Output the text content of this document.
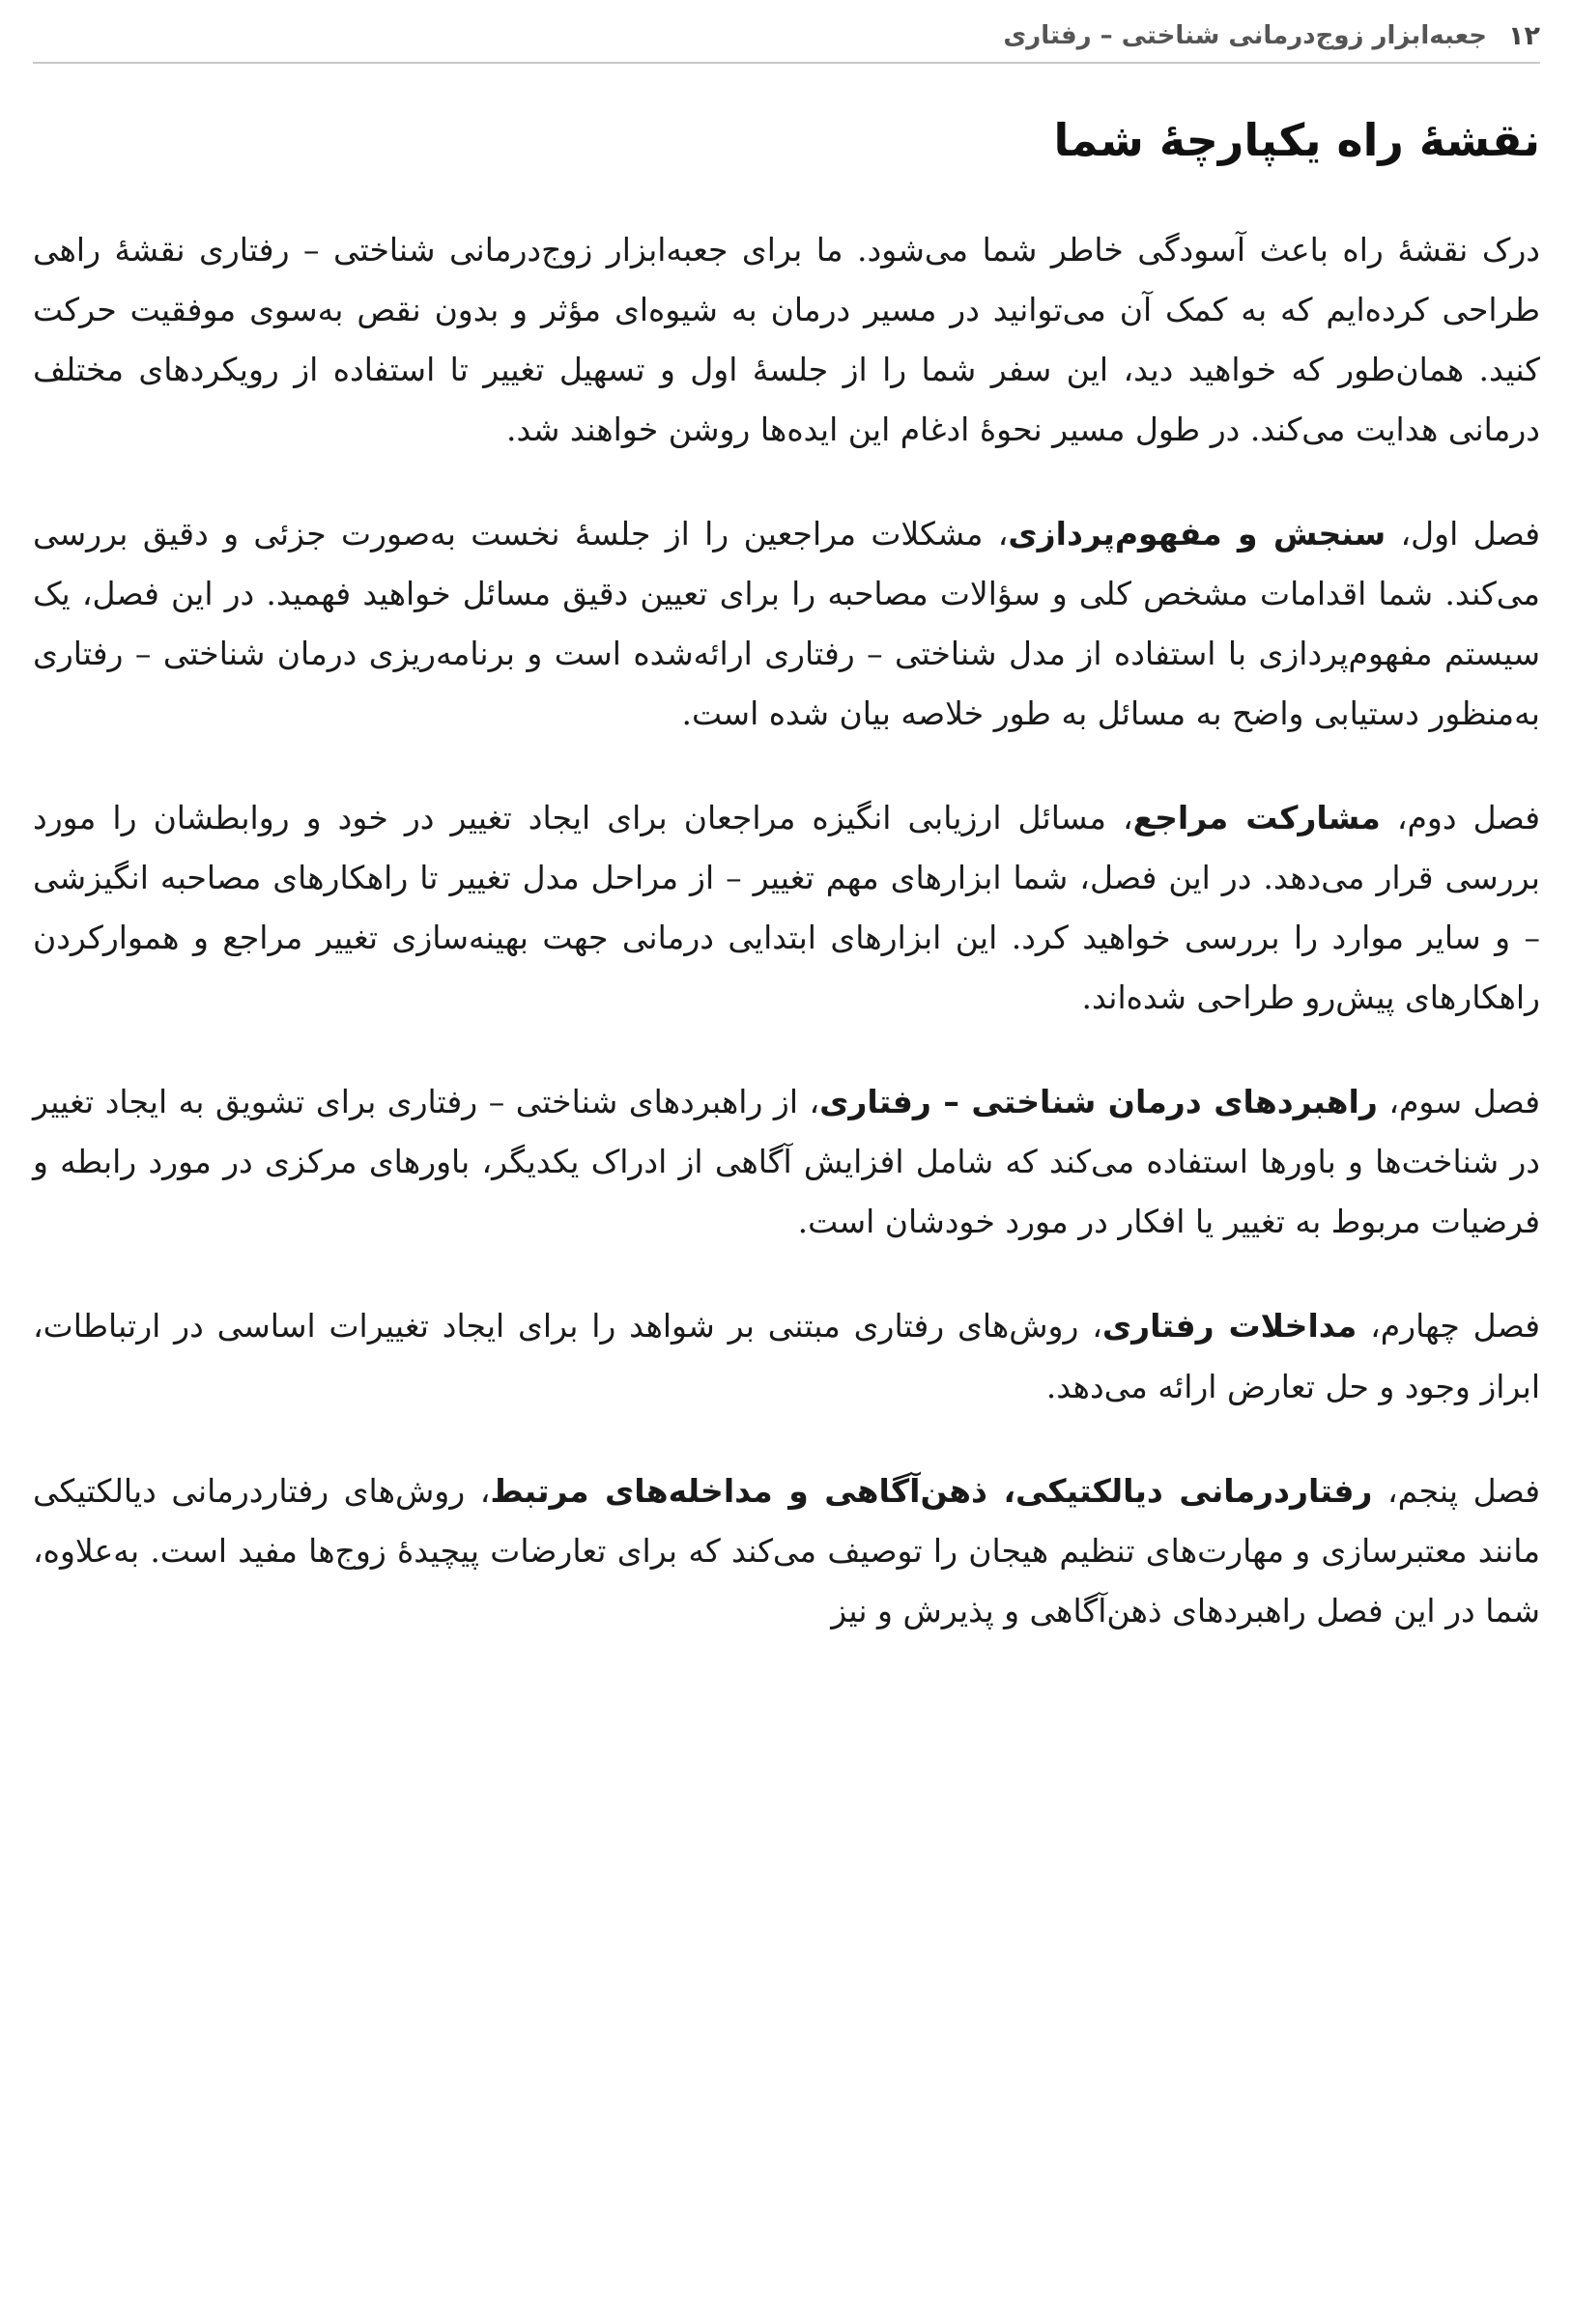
۱۲
جعبه‌ابزار زوج‌درمانی شناختی – رفتاری
نقشهٔ راه یکپارچهٔ شما

درک نقشهٔ راه باعث آسودگی خاطر شما می‌شود. ما برای جعبه‌ابزار زوج‌درمانی شناختی – رفتاری نقشهٔ راهی طراحی کرده‌ایم که به کمک آن می‌توانید در مسیر درمان به شیوه‌ای مؤثر و بدون نقص به‌سوی موفقیت حرکت کنید. همان‌طور که خواهید دید، این سفر شما را از جلسهٔ اول و تسهیل تغییر تا استفاده از رویکردهای مختلف درمانی هدایت می‌کند. در طول مسیر نحوهٔ ادغام این ایده‌ها روشن خواهند شد.

فصل اول، سنجش و مفهوم‌پردازی، مشکلات مراجعین را از جلسهٔ نخست به‌صورت جزئی و دقیق بررسی می‌کند. شما اقدامات مشخص کلی و سؤالات مصاحبه را برای تعیین دقیق مسائل خواهید فهمید. در این فصل، یک سیستم مفهوم‌پردازی با استفاده از مدل شناختی – رفتاری ارائه‌شده است و برنامه‌ریزی درمان شناختی – رفتاری به‌منظور دستیابی واضح به مسائل به طور خلاصه بیان شده است.

فصل دوم، مشارکت مراجع، مسائل ارزیابی انگیزه مراجعان برای ایجاد تغییر در خود و روابطشان را مورد بررسی قرار می‌دهد. در این فصل، شما ابزارهای مهم تغییر – از مراحل مدل تغییر تا راهکارهای مصاحبه انگیزشی – و سایر موارد را بررسی خواهید کرد. این ابزارهای ابتدایی درمانی جهت بهینه‌سازی تغییر مراجع و هموارکردن راهکارهای پیش‌رو طراحی شده‌اند.

فصل سوم، راهبردهای درمان شناختی – رفتاری، از راهبردهای شناختی – رفتاری برای تشویق به ایجاد تغییر در شناخت‌ها و باورها استفاده می‌کند که شامل افزایش آگاهی از ادراک یکدیگر، باورهای مرکزی در مورد رابطه و فرضیات مربوط به تغییر یا افکار در مورد خودشان است.

فصل چهارم، مداخلات رفتاری، روش‌های رفتاری مبتنی بر شواهد را برای ایجاد تغییرات اساسی در ارتباطات، ابراز وجود و حل تعارض ارائه می‌دهد.

فصل پنجم، رفتاردرمانی دیالکتیکی، ذهن‌آگاهی و مداخله‌های مرتبط، روش‌های رفتاردرمانی دیالکتیکی مانند معتبرسازی و مهارت‌های تنظیم هیجان را توصیف می‌کند که برای تعارضات پیچیدهٔ زوج‌ها مفید است. به‌علاوه، شما در این فصل راهبردهای ذهن‌آگاهی و پذیرش و نیز
